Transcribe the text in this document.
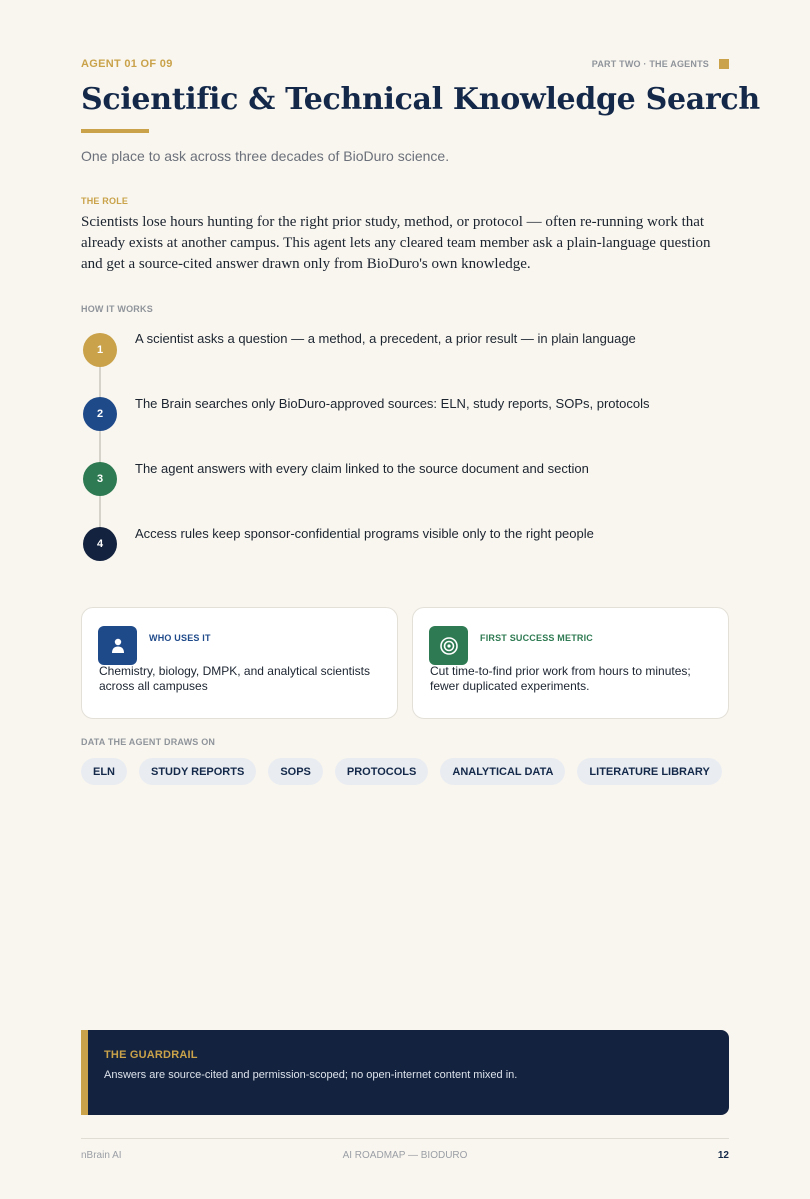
AGENT 01 OF 09	PART TWO · THE AGENTS
Scientific & Technical Knowledge Search

One place to ask across three decades of BioDuro science.

THE ROLE

Scientists lose hours hunting for the right prior study, method, or protocol — often re-running work that already exists at another campus. This agent lets any cleared team member ask a plain-language question and get a source-cited answer drawn only from BioDuro's own knowledge.

HOW IT WORKS
1
A scientist asks a question — a method, a precedent, a prior result — in plain language
2
The Brain searches only BioDuro-approved sources: ELN, study reports, SOPs, protocols
3
The agent answers with every claim linked to the source document and section
4
Access rules keep sponsor-confidential programs visible only to the right people
WHO USES IT
Chemistry, biology, DMPK, and analytical scientists across all campuses
FIRST SUCCESS METRIC
Cut time-to-find prior work from hours to minutes; fewer duplicated experiments.
DATA THE AGENT DRAWS ON
ELN	STUDY REPORTS	SOPS	PROTOCOLS	ANALYTICAL DATA	LITERATURE LIBRARY
THE GUARDRAIL
Answers are source-cited and permission-scoped; no open-internet content mixed in.
nBrain AI	AI ROADMAP — BIODURO	12
